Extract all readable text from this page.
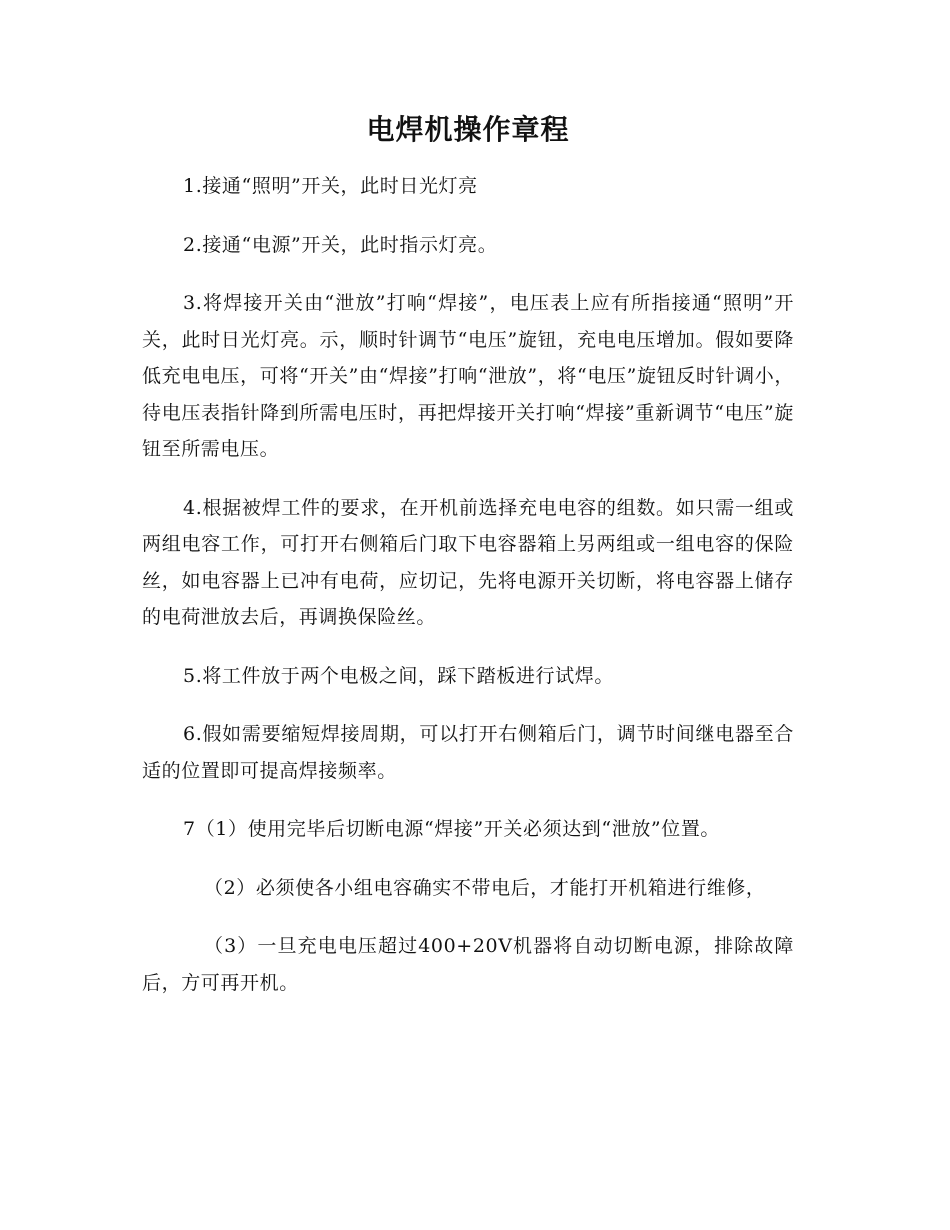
电焊机操作章程

1.接通“照明”开关，此时日光灯亮

2.接通“电源”开关，此时指示灯亮。

3.将焊接开关由“泄放”打响“焊接”，电压表上应有所指接通“照明”开关，此时日光灯亮。示，顺时针调节“电压”旋钮，充电电压增加。假如要降低充电电压，可将“开关”由“焊接”打响“泄放”，将“电压”旋钮反时针调小，待电压表指针降到所需电压时，再把焊接开关打响“焊接”重新调节“电压”旋钮至所需电压。

4.根据被焊工件的要求，在开机前选择充电电容的组数。如只需一组或两组电容工作，可打开右侧箱后门取下电容器箱上另两组或一组电容的保险丝，如电容器上已冲有电荷，应切记，先将电源开关切断，将电容器上储存的电荷泄放去后，再调换保险丝。

5.将工件放于两个电极之间，踩下踏板进行试焊。

6.假如需要缩短焊接周期，可以打开右侧箱后门，调节时间继电器至合适的位置即可提高焊接频率。

7（1）使用完毕后切断电源“焊接”开关必须达到“泄放”位置。

（2）必须使各小组电容确实不带电后，才能打开机箱进行维修，

（3）一旦充电电压超过400+20V机器将自动切断电源，排除故障后，方可再开机。
